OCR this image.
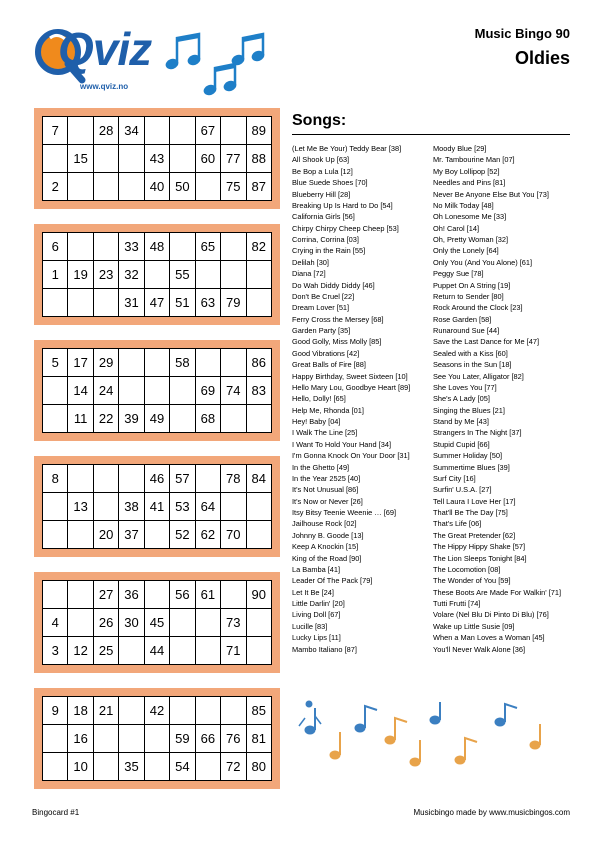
Qviz
www.qviz.no
Music Bingo 90
Oldies
7		28	34			67		89
	15			43		60	77	88
2				40	50		75	87
6			33	48		65		82
1	19	23	32		55			
			31	47	51	63	79	
5	17	29			58			86
	14	24				69	74	83
	11	22	39	49		68		
8				46	57		78	84
	13		38	41	53	64		
		20	37		52	62	70	
		27	36		56	61		90
4		26	30	45			73	
3	12	25		44			71	
9	18	21		42				85
	16				59	66	76	81
	10		35		54		72	80
Songs:
(Let Me Be Your) Teddy Bear [38]
All Shook Up [63]
Be Bop a Lula [12]
Blue Suede Shoes [70]
Blueberry Hill [28]
Breaking Up Is Hard to Do [54]
California Girls [56]
Chirpy Chirpy Cheep Cheep [53]
Corrina, Corrina [03]
Crying in the Rain [55]
Delilah [30]
Diana [72]
Do Wah Diddy Diddy [46]
Don't Be Cruel [22]
Dream Lover [51]
Ferry Cross the Mersey [68]
Garden Party [35]
Good Golly, Miss Molly [85]
Good Vibrations [42]
Great Balls of Fire [88]
Happy Birthday, Sweet Sixteen [10]
Hello Mary Lou, Goodbye Heart [89]
Hello, Dolly! [65]
Help Me, Rhonda [01]
Hey! Baby [04]
I Walk The Line [25]
I Want To Hold Your Hand [34]
I'm Gonna Knock On Your Door [31]
In the Ghetto [49]
In the Year 2525 [40]
It's Not Unusual [86]
It's Now or Never [26]
Itsy Bitsy Teenie Weenie … [69]
Jailhouse Rock [02]
Johnny B. Goode [13]
Keep A Knockin [15]
King of the Road [90]
La Bamba [41]
Leader Of The Pack [79]
Let It Be [24]
Little Darlin' [20]
Living Doll [67]
Lucille [83]
Lucky Lips [11]
Mambo Italiano [87]
Moody Blue [29]
Mr. Tambourine Man [07]
My Boy Lollipop [52]
Needles and Pins [81]
Never Be Anyone Else But You [73]
No Milk Today [48]
Oh Lonesome Me [33]
Oh! Carol [14]
Oh, Pretty Woman [32]
Only the Lonely [64]
Only You (And You Alone) [61]
Peggy Sue [78]
Puppet On A String [19]
Return to Sender [80]
Rock Around the Clock [23]
Rose Garden [58]
Runaround Sue [44]
Save the Last Dance for Me [47]
Sealed with a Kiss [60]
Seasons in the Sun [18]
See You Later, Alligator [82]
She Loves You [77]
She's A Lady [05]
Singing the Blues [21]
Stand by Me [43]
Strangers In The Night [37]
Stupid Cupid [66]
Summer Holiday [50]
Summertime Blues [39]
Surf City [16]
Surfin' U.S.A. [27]
Tell Laura I Love Her [17]
That'll Be The Day [75]
That's Life [06]
The Great Pretender [62]
The Hippy Hippy Shake [57]
The Lion Sleeps Tonight [84]
The Locomotion [08]
The Wonder of You [59]
These Boots Are Made For Walkin' [71]
Tutti Frutti [74]
Volare (Nel Blu Di Pinto Di Blu) [76]
Wake up Little Susie [09]
When a Man Loves a Woman [45]
You'll Never Walk Alone [36]
Bingocard #1	Musicbingo made by www.musicbingos.com
